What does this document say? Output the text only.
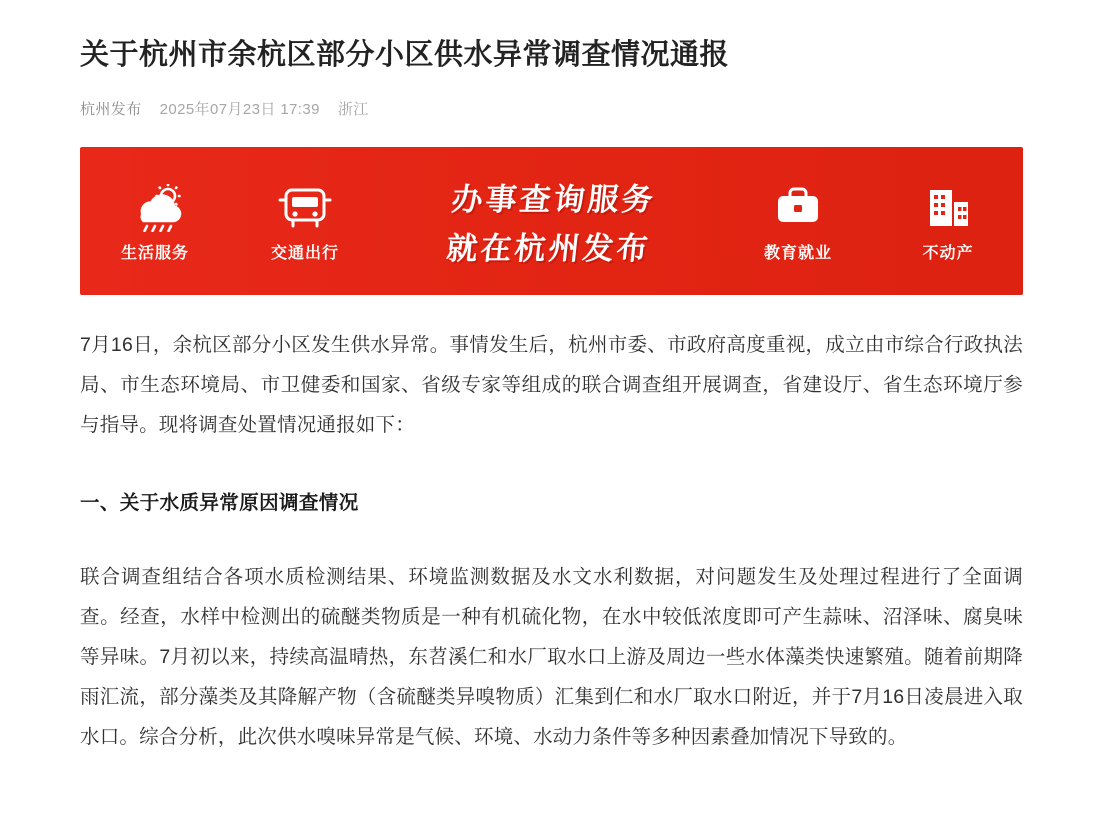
关于杭州市余杭区部分小区供水异常调查情况通报
杭州发布 2025年07月23日 17:39 浙江
生活服务	交通出行
办事查询服务
就在杭州发布	教育就业	不动产

7月16日，余杭区部分小区发生供水异常。事情发生后，杭州市委、市政府高度重视，成立由市综合行政执法局、市生态环境局、市卫健委和国家、省级专家等组成的联合调查组开展调查，省建设厅、省生态环境厅参与指导。现将调查处置情况通报如下：

一、关于水质异常原因调查情况

联合调查组结合各项水质检测结果、环境监测数据及水文水利数据，对问题发生及处理过程进行了全面调查。经查，水样中检测出的硫醚类物质是一种有机硫化物，在水中较低浓度即可产生蒜味、沼泽味、腐臭味等异味。7月初以来，持续高温晴热，东苕溪仁和水厂取水口上游及周边一些水体藻类快速繁殖。随着前期降雨汇流，部分藻类及其降解产物（含硫醚类异嗅物质）汇集到仁和水厂取水口附近，并于7月16日凌晨进入取水口。综合分析，此次供水嗅味异常是气候、环境、水动力条件等多种因素叠加情况下导致的。
